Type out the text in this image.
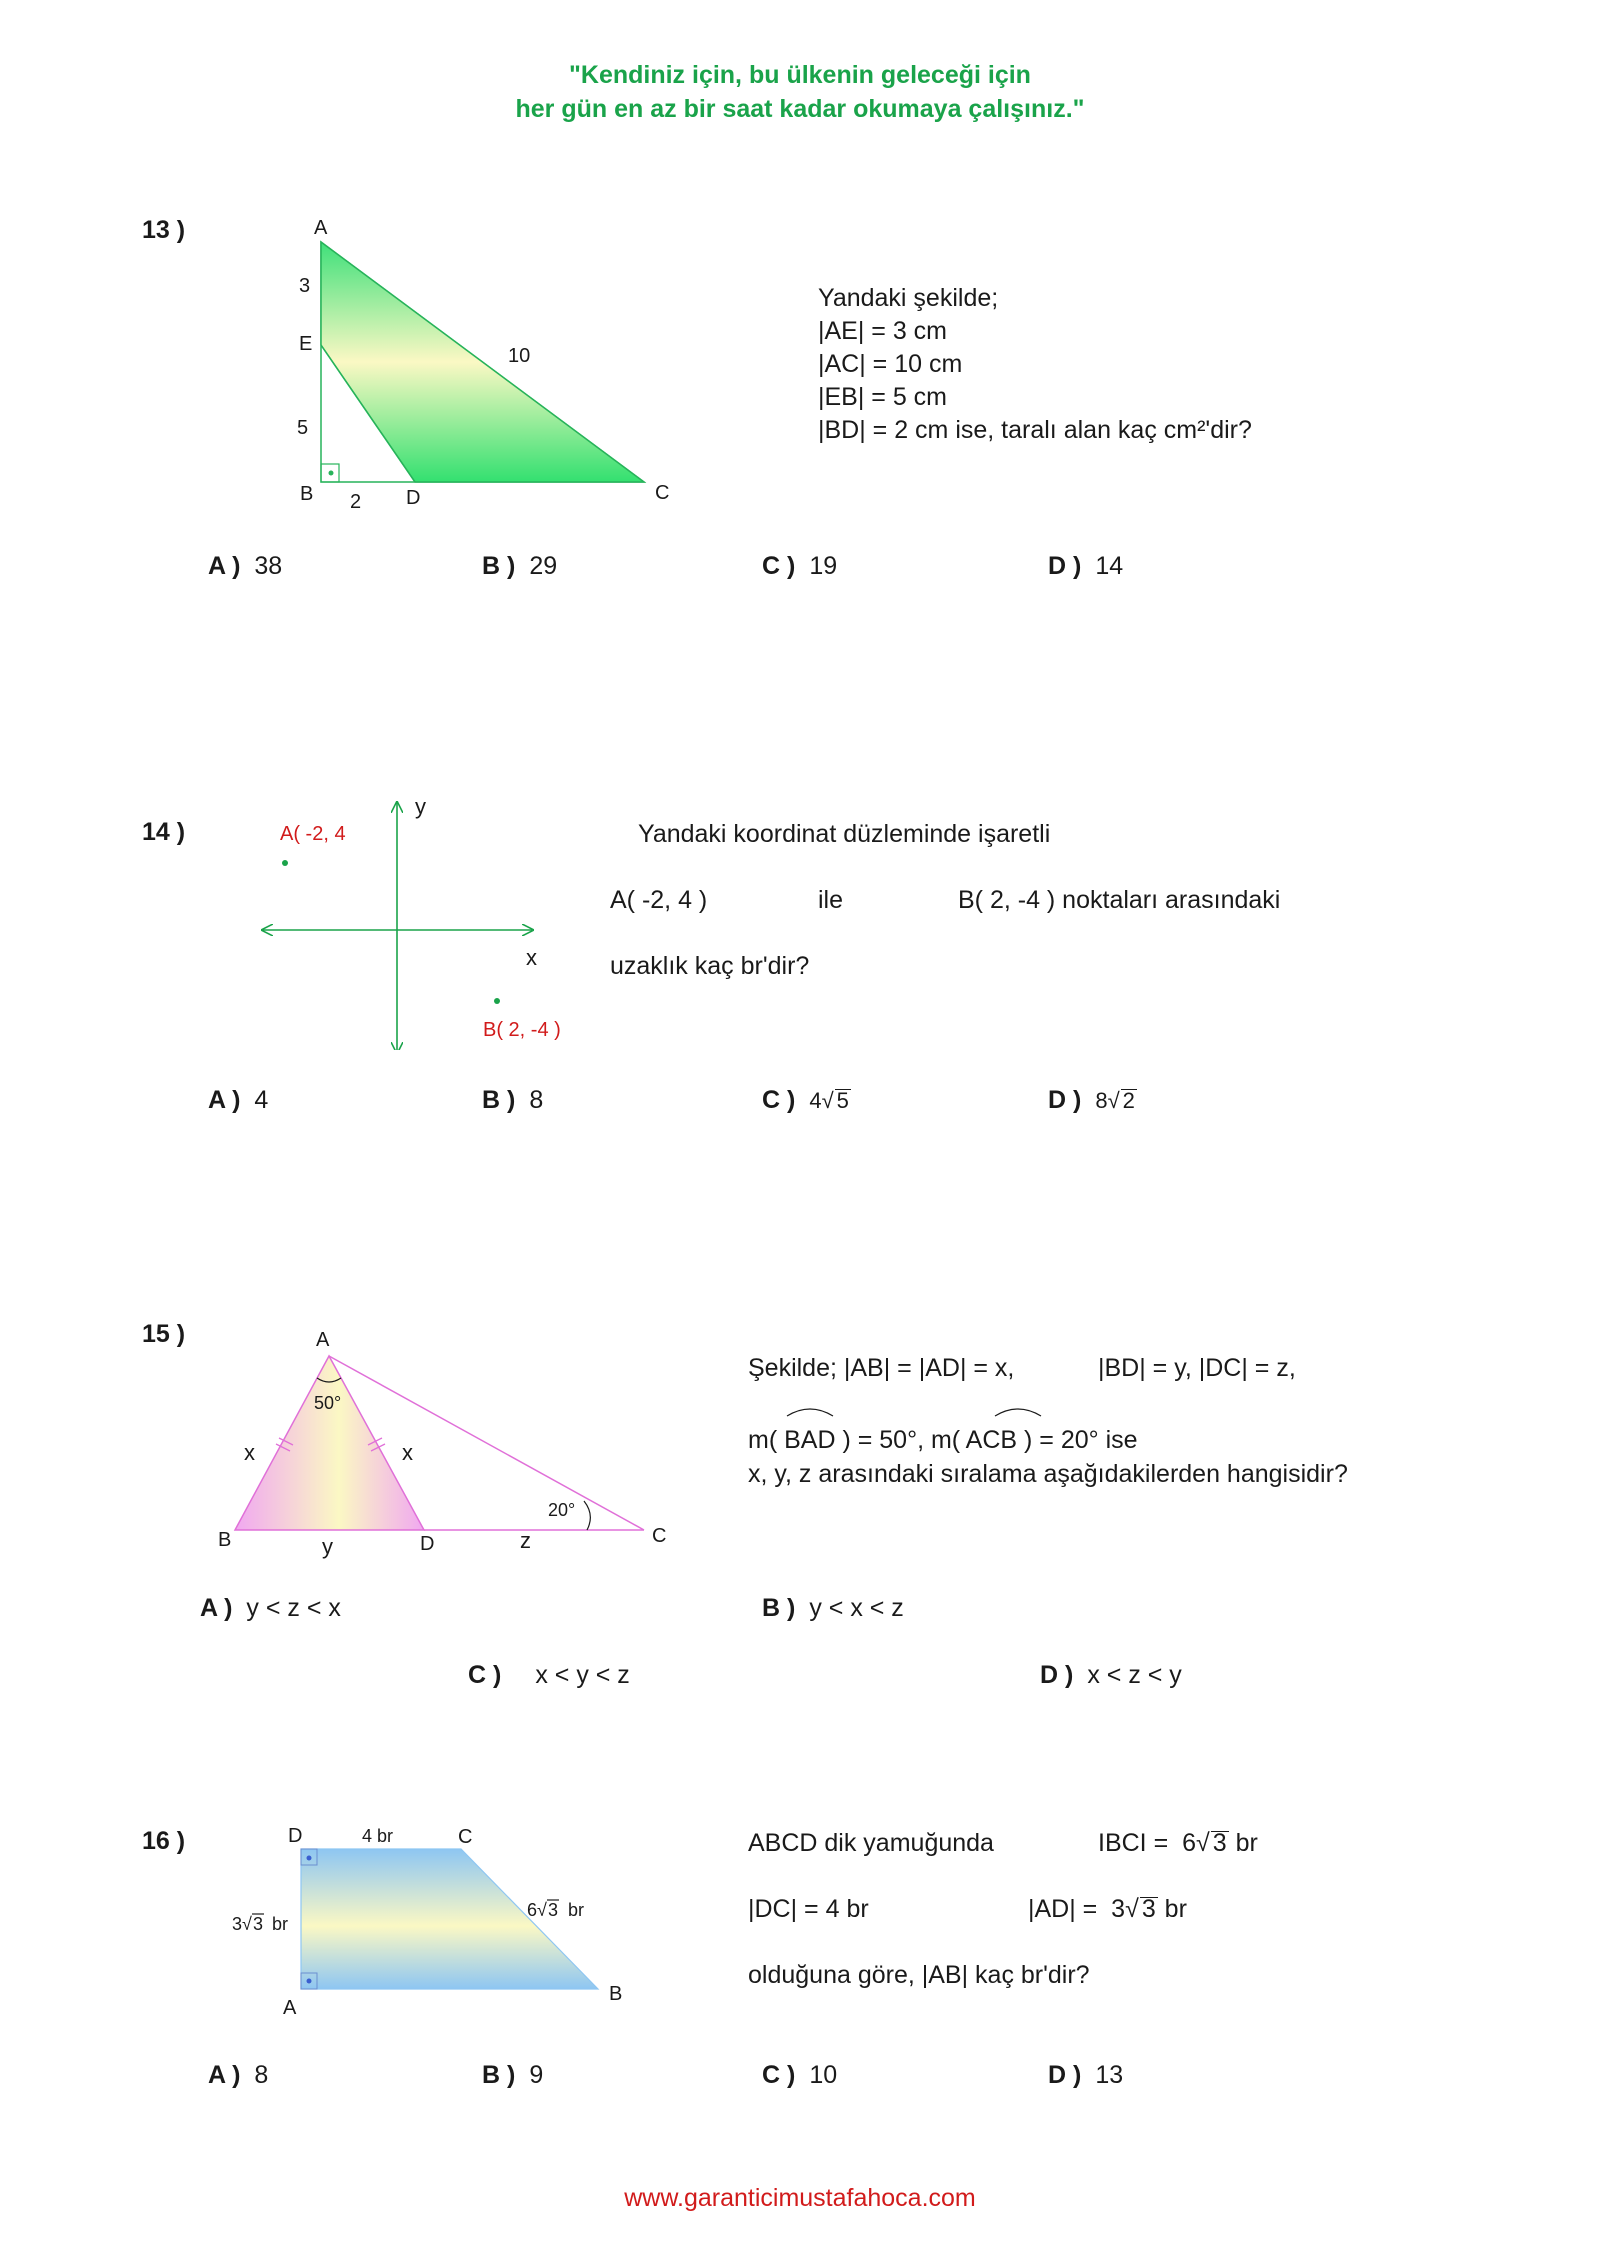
"Kendiniz için, bu ülkenin geleceği için
her gün en az bir saat kadar okumaya çalışınız."
13 )	A
3
E
5
B 2 D	C
10
Yandaki şekilde;
|AE| = 3 cm
|AC| = 10 cm
|EB| = 5 cm
|BD| = 2 cm ise, taralı alan kaç cm²'dir?
A ) 38	B ) 29	C ) 19	D ) 14
14 )
y
x
A( -2, 4
B( 2, -4 )
Yandaki koordinat düzleminde işaretli
A( -2, 4 )	ile	B( 2, -4 ) noktaları arasındaki
uzaklık kaç br'dir?
A ) 4	B ) 8	C ) 4√ 5	D ) 8√ 2
15 )	A
50°
x	x
B	y	D	z
20°
C
Şekilde; |AB| = |AD| = x,	|BD| = y, |DC| = z,
m( BAD ) = 50°, m( ACB ) = 20° ise
x, y, z arasındaki sıralama aşağıdakilerden hangisidir?
A ) y < z < x	B ) y < x < z
C ) x < y < z	D ) x < z < y
16 )	D	4 br	C
6 √ 3 br
3 √ 3 br
A
B
ABCD dik yamuğunda	IBCI = 6√ 3 br
|DC| = 4 br	|AD| = 3√ 3 br
olduğuna göre, |AB| kaç br'dir?
A ) 8	B ) 9	C ) 10	D ) 13
www.garanticimustafahoca.com
